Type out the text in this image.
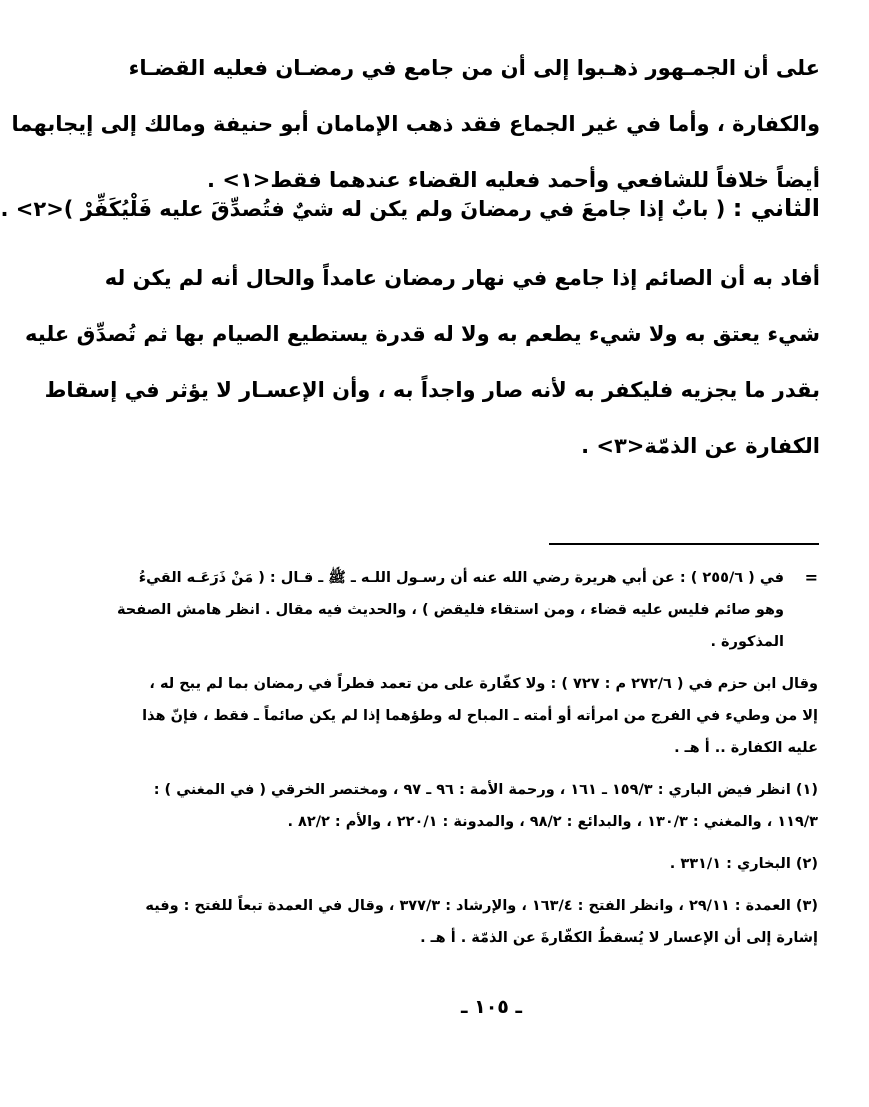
على أن الجمـهور ذهـبوا إلى أن من جامع في رمضـان فعليه القضـاء
والكفارة ، وأما في غير الجماع فقد ذهب الإمامان أبو حنيفة ومالك إلى إيجابهما
أيضاً خلافاً للشافعي وأحمد فعليه القضاء عندهما فقط<١> .
الثاني : ( بابٌ إذا جامعَ في رمضانَ ولم يكن له شيٌ فتُصدِّقَ عليه فَلْيُكَفِّرْ )<٢> .
أفاد به أن الصائم إذا جامع في نهار رمضان عامداً والحال أنه لم يكن له
شيء يعتق به ولا شيء يطعم به ولا له قدرة يستطيع الصيام بها ثم تُصدِّق عليه
بقدر ما يجزيه فليكفر به لأنه صار واجداً به ، وأن الإعسـار لا يؤثر في إسقاط
الكفارة عن الذمّة<٣> .
=
في ( ٢٥٥/٦ ) : عن أبي هريرة رضي الله عنه أن رسـول اللـه ـ ﷺ ـ قـال : ( مَنْ ذَرَعَـه القيءُ
وهو صائم فليس عليه قضاء ، ومن استقاء فليقض ) ، والحديث فيه مقال . انظر هامش الصفحة
المذكورة .
وقال ابن حزم في ( ٢٧٢/٦ م : ٧٢٧ ) : ولا كفّارة على من تعمد فطراً في رمضان بما لم يبح له ،
إلا من وطيء في الفرج من امرأته أو أمته ـ المباح له وطؤهما إذا لم يكن صائماً ـ فقط ، فإنّ هذا
عليه الكفارة .. أ هـ .
(١) انظر فيض الباري : ١٥٩/٣ ـ ١٦١ ، ورحمة الأمة : ٩٦ ـ ٩٧ ، ومختصر الخرقي ( في المغني ) :
١١٩/٣ ، والمغني : ١٣٠/٣ ، والبدائع : ٩٨/٢ ، والمدونة : ٢٢٠/١ ، والأم : ٨٢/٢ .
(٢) البخاري : ٣٣١/١ .
(٣) العمدة : ٢٩/١١ ، وانظر الفتح : ١٦٣/٤ ، والإرشاد : ٣٧٧/٣ ، وقال في العمدة تبعاً للفتح : وفيه
إشارة إلى أن الإعسار لا يُسقطُ الكفّارةَ عن الذمّة . أ هـ .
ـ ١٠٥ ـ
